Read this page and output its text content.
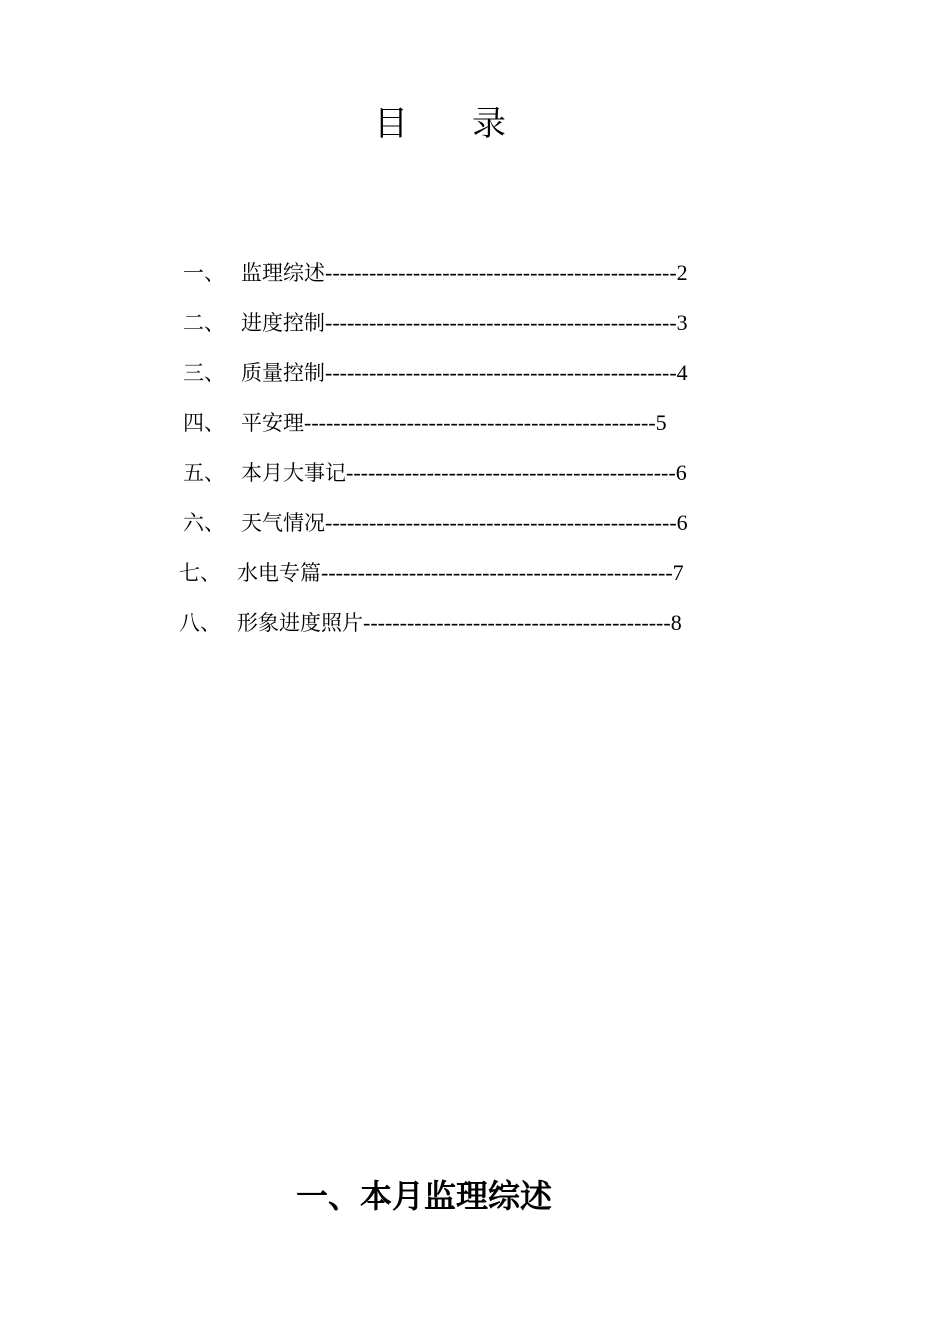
目 录
一、 监理综述------------------------------------------------2
二、 进度控制------------------------------------------------3
三、 质量控制------------------------------------------------4
四、 平安理------------------------------------------------5
五、 本月大事记---------------------------------------------6
六、 天气情况------------------------------------------------6
七、 水电专篇------------------------------------------------7
八、 形象进度照片------------------------------------------8
一、本月监理综述
